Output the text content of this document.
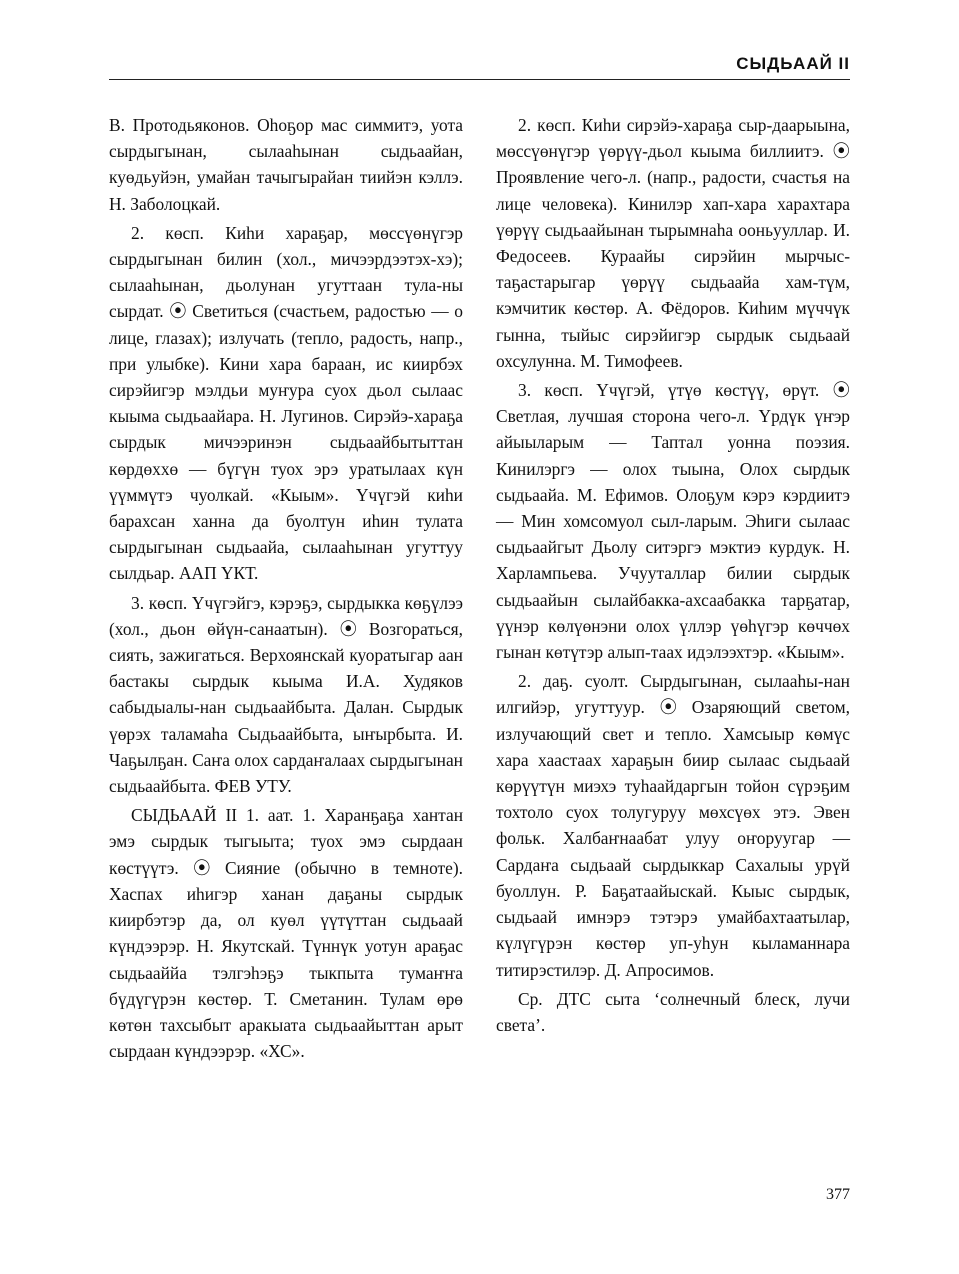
СЫДЬААЙ II

В. Протодьяконов. Оһоҕор мас симмитэ, уота сырдыгынан, сылааһынан сыдьаайан, куөдьуйэн, умайан тачыгырайан тиийэн кэллэ. Н. Заболоцкай.

2. көсп. Киһи хараҕар, мөссүөнүгэр сырдыгынан билин (хол., мичээрдээтэх-хэ); сылааһынан, дьолунан угуттаан тула-ны сырдат. ⦿ Светиться (счастьем, радостью — о лице, глазах); излучать (тепло, радость, напр., при улыбке). Кини хара бараан, ис киирбэх сирэйигэр мэлдьи муҥура суох дьол сылаас кыыма сыдьаайара. Н. Лугинов. Сирэйэ-хараҕа сырдык мичээринэн сыдьаайбытыттан көрдөххө — бүгүн туох эрэ уратылаах күн үүммүтэ чуолкай. «Кыым». Үчүгэй киһи барахсан ханна да буолтун иһин тулата сырдыгынан сыдьаайа, сылааһынан угуттуу сылдьар. ААП ҮКТ.

3. көсп. Үчүгэйгэ, кэрэҕэ, сырдыкка көҕүлээ (хол., дьон өйүн-санаатын). ⦿ Возгораться, сиять, зажигаться. Верхоянскай куоратыгар аан бастакы сырдык кыыма И.А. Худяков сабыдыалы-нан сыдьаайбыта. Далан. Сырдык үөрэх таламаһа Сыдьаайбыта, ыҥырбыта. И. Чаҕылҕан. Саҥа олох сардаҥалаах сырдыгынан сыдьаайбыта. ФЕВ УТУ.

СЫДЬААЙ II 1. аат. 1. Харанҕаҕа хантан эмэ сырдык тыгыыта; туох эмэ сырдаан көстүүтэ. ⦿ Сияние (обычно в темноте). Хаспах иһигэр ханан даҕаны сырдык киирбэтэр да, ол куөл үүтүттан сыдьаай күндээрэр. Н. Якутскай. Түннүк уотун араҕас сыдьааййа тэлгэһэҕэ тыкпыта тумаҥҥа бүдүгүрэн көстөр. Т. Сметанин. Тулам өрө көтөн тахсыбыт аракыата сыдьаайыттан арыт сырдаан күндээрэр. «ХС».

2. көсп. Киһи сирэйэ-хараҕа сыр-даарыына, мөссүөнүгэр үөрүү-дьол кыыма биллиитэ. ⦿ Проявление чего-л. (напр., радости, счастья на лице человека). Кинилэр хап-хара харахтара үөрүү сыдьаайынан тырымнаһа ооньууллар. И. Федосеев. Кураайы сирэйин мырчыс-таҕастарыгар үөрүү сыдьаайа хам-түм, кэмчитик көстөр. А. Фёдоров. Киһим мүччүк гынна, тыйыс сирэйигэр сырдык сыдьаай охсулунна. М. Тимофеев.

3. көсп. Үчүгэй, үтүө көстүү, өрүт. ⦿ Светлая, лучшая сторона чего-л. Үрдүк үҥэр айыыларым — Таптал уонна поэзия. Кинилэргэ — олох тыына, Олох сырдык сыдьаайа. М. Ефимов. Олоҕум кэрэ кэрдиитэ — Мин хомсомуол сыл-ларым. Эһиги сылаас сыдьаайгыт Дьолу ситэргэ мэктиэ курдук. Н. Харлампьева. Учууталлар билии сырдык сыдьаайын сылайбакка-ахсаабакка тарҕатар, үүнэр көлүөнэни олох үллэр үөһүгэр көччөх гынан көтүтэр алып-таах идэлээхтэр. «Кыым».

2. даҕ. суолт. Сырдыгынан, сылааһы-нан илгийэр, угуттуур. ⦿ Озаряющий светом, излучающий свет и тепло. Хамсыыр көмүс хара хаастаах хараҕын биир сылаас сыдьаай көрүүтүн миэхэ туһаайдаргын тойон сүрэҕим тохтоло суох толугуруу мөхсүөх этэ. Эвен фольк. Халбаҥнаабат улуу оҥоруугар — Сардаҥа сыдьаай сырдыккар Сахалыы урүй буоллун. Р. Баҕатаайыскай. Кыыс сырдык, сыдьаай имнэрэ тэтэрэ умайбахтаатылар, күлүгүрэн көстөр уп-уһун кыламаннара титирэстилэр. Д. Апросимов.

Ср. ДТС сыта ‘солнечный блеск, лучи света’.

377
